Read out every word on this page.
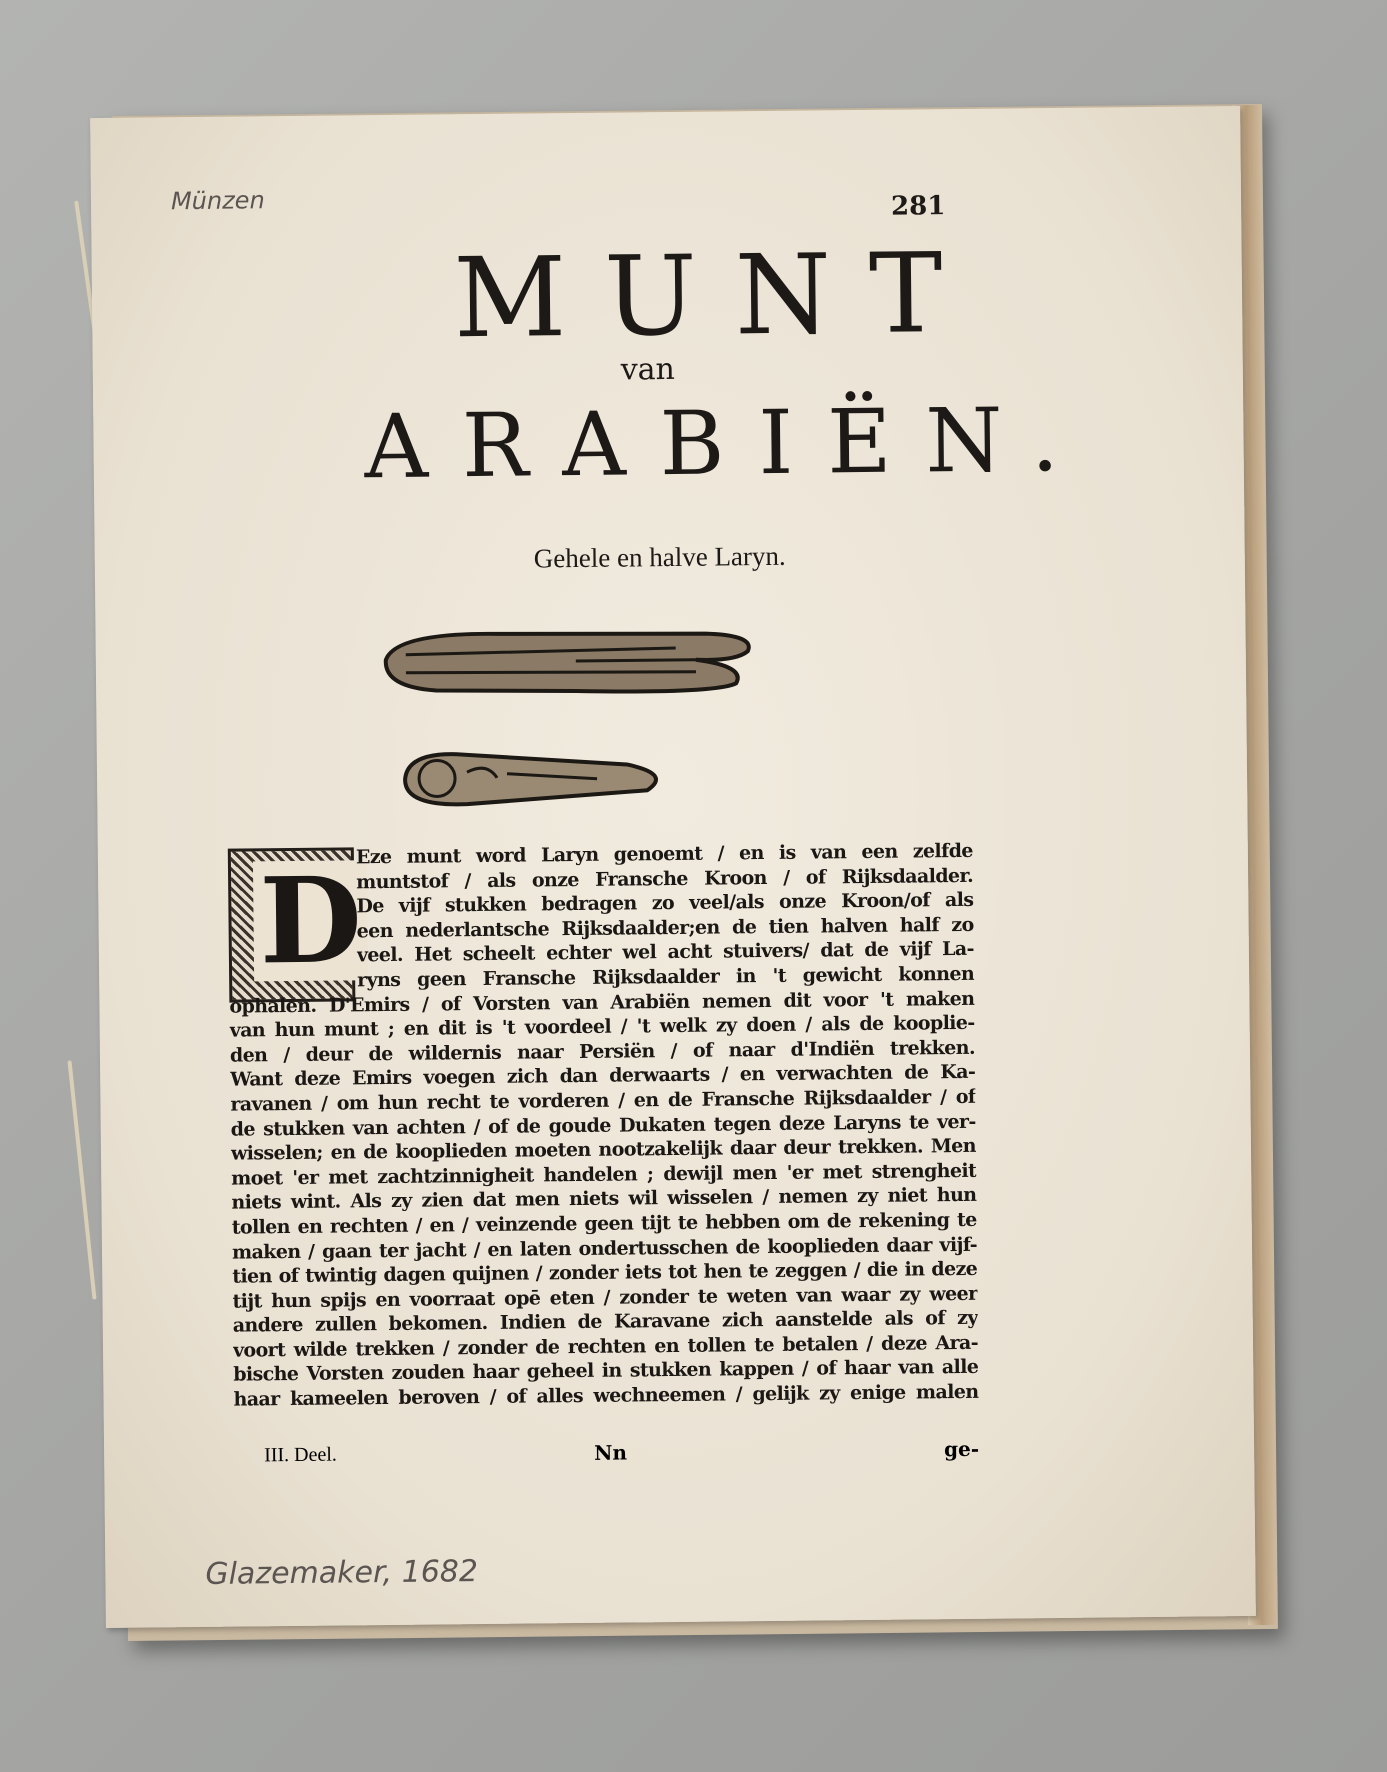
Münzen	281
MUNT
van
ARABIËN.
Gehele en halve Laryn.
D
Eze munt word Laryn genoemt / en is van een zelfde
muntstof / als onze Fransche Kroon / of Rijksdaalder.
De vijf stukken bedragen zo veel/als onze Kroon/of als
een nederlantsche Rijksdaalder;en de tien halven half zo
veel. Het scheelt echter wel acht stuivers/ dat de vijf La-
ryns geen Fransche Rijksdaalder in 't gewicht konnen
ophalen. D'Emirs / of Vorsten van Arabiën nemen dit voor 't maken
van hun munt ; en dit is 't voordeel / 't welk zy doen / als de kooplie-
den / deur de wildernis naar Persiën / of naar d'Indiën trekken.
Want deze Emirs voegen zich dan derwaarts / en verwachten de Ka-
ravanen / om hun recht te vorderen / en de Fransche Rijksdaalder / of
de stukken van achten / of de goude Dukaten tegen deze Laryns te ver-
wisselen; en de kooplieden moeten nootzakelijk daar deur trekken. Men
moet 'er met zachtzinnigheit handelen ; dewijl men 'er met strengheit
niets wint. Als zy zien dat men niets wil wisselen / nemen zy niet hun
tollen en rechten / en / veinzende geen tijt te hebben om de rekening te
maken / gaan ter jacht / en laten ondertusschen de kooplieden daar vijf-
tien of twintig dagen quijnen / zonder iets tot hen te zeggen / die in deze
tijt hun spijs en voorraat opē eten / zonder te weten van waar zy weer
andere zullen bekomen. Indien de Karavane zich aanstelde als of zy
voort wilde trekken / zonder de rechten en tollen te betalen / deze Ara-
bische Vorsten zouden haar geheel in stukken kappen / of haar van alle
haar kameelen beroven / of alles wechneemen / gelijk zy enige malen
III. Deel.	Nn	ge-
Glazemaker, 1682
